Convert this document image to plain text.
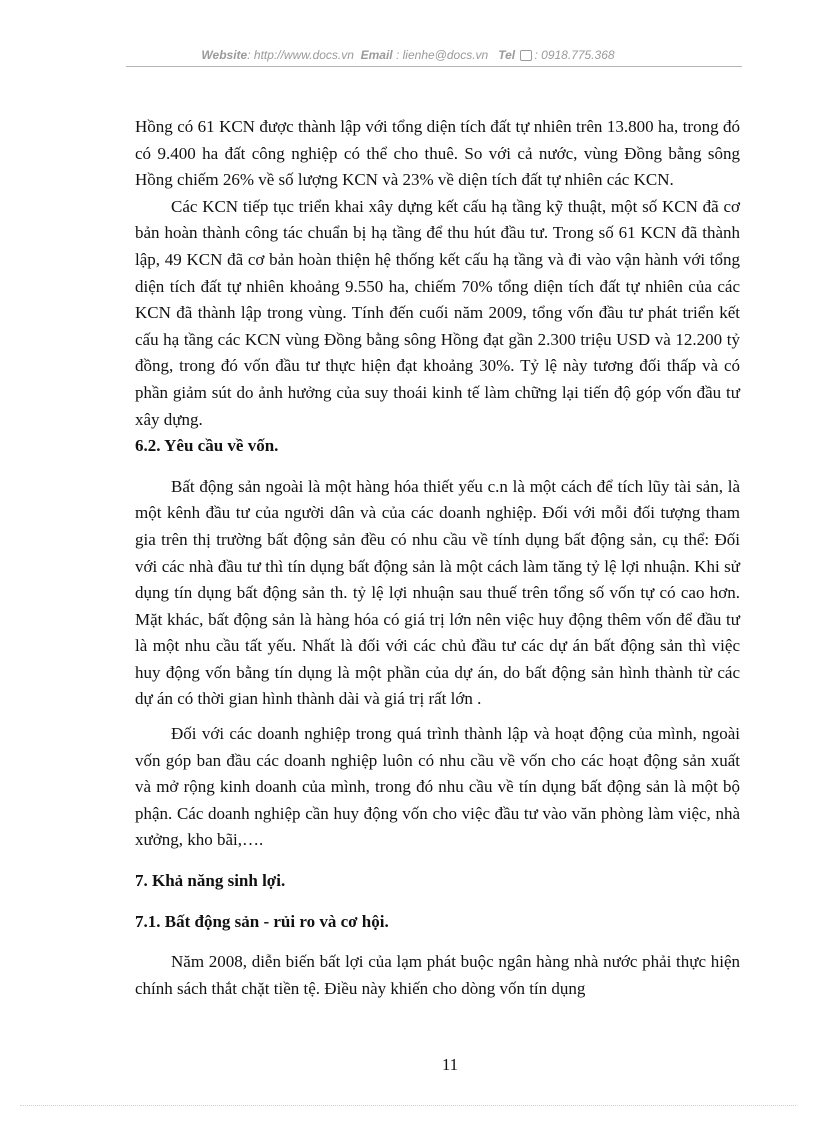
Website: http://www.docs.vn Email : lienhe@docs.vn Tel : 0918.775.368

Hồng có 61 KCN được thành lập với tổng diện tích đất tự nhiên trên 13.800 ha, trong đó có 9.400 ha đất công nghiệp có thể cho thuê. So với cả nước, vùng Đồng bằng sông Hồng chiếm 26% về số lượng KCN và 23% về diện tích đất tự nhiên các KCN.

Các KCN tiếp tục triển khai xây dựng kết cấu hạ tầng kỹ thuật, một số KCN đã cơ bản hoàn thành công tác chuẩn bị hạ tầng để thu hút đầu tư. Trong số 61 KCN đã thành lập, 49 KCN đã cơ bản hoàn thiện hệ thống kết cấu hạ tầng và đi vào vận hành với tổng diện tích đất tự nhiên khoảng 9.550 ha, chiếm 70% tổng diện tích đất tự nhiên của các KCN đã thành lập trong vùng. Tính đến cuối năm 2009, tổng vốn đầu tư phát triển kết cấu hạ tầng các KCN vùng Đồng bằng sông Hồng đạt gần 2.300 triệu USD và 12.200 tỷ đồng, trong đó vốn đầu tư thực hiện đạt khoảng 30%. Tỷ lệ này tương đối thấp và có phần giảm sút do ảnh hưởng của suy thoái kinh tế làm chững lại tiến độ góp vốn đầu tư xây dựng.

6.2. Yêu cầu về vốn.

Bất động sản ngoài là một hàng hóa thiết yếu c.n là một cách để tích lũy tài sản, là một kênh đầu tư của người dân và của các doanh nghiệp. Đối với mỗi đối tượng tham gia trên thị trường bất động sản đều có nhu cầu về tính dụng bất động sản, cụ thể: Đối với các nhà đầu tư thì tín dụng bất động sản là một cách làm tăng tỷ lệ lợi nhuận. Khi sử dụng tín dụng bất động sản th. tỷ lệ lợi nhuận sau thuế trên tổng số vốn tự có cao hơn. Mặt khác, bất động sản là hàng hóa có giá trị lớn nên việc huy động thêm vốn để đầu tư là một nhu cầu tất yếu. Nhất là đối với các chủ đầu tư các dự án bất động sản thì việc huy động vốn bằng tín dụng là một phần của dự án, do bất động sản hình thành từ các dự án có thời gian hình thành dài và giá trị rất lớn .

Đối với các doanh nghiệp trong quá trình thành lập và hoạt động của mình, ngoài vốn góp ban đầu các doanh nghiệp luôn có nhu cầu về vốn cho các hoạt động sản xuất và mở rộng kinh doanh của mình, trong đó nhu cầu về tín dụng bất động sản là một bộ phận. Các doanh nghiệp cần huy động vốn cho việc đầu tư vào văn phòng làm việc, nhà xưởng, kho bãi,….

7. Khả năng sinh lợi.

7.1. Bất động sản - rủi ro và cơ hội.

Năm 2008, diễn biến bất lợi của lạm phát buộc ngân hàng nhà nước phải thực hiện chính sách thắt chặt tiền tệ. Điều này khiến cho dòng vốn tín dụng

11
